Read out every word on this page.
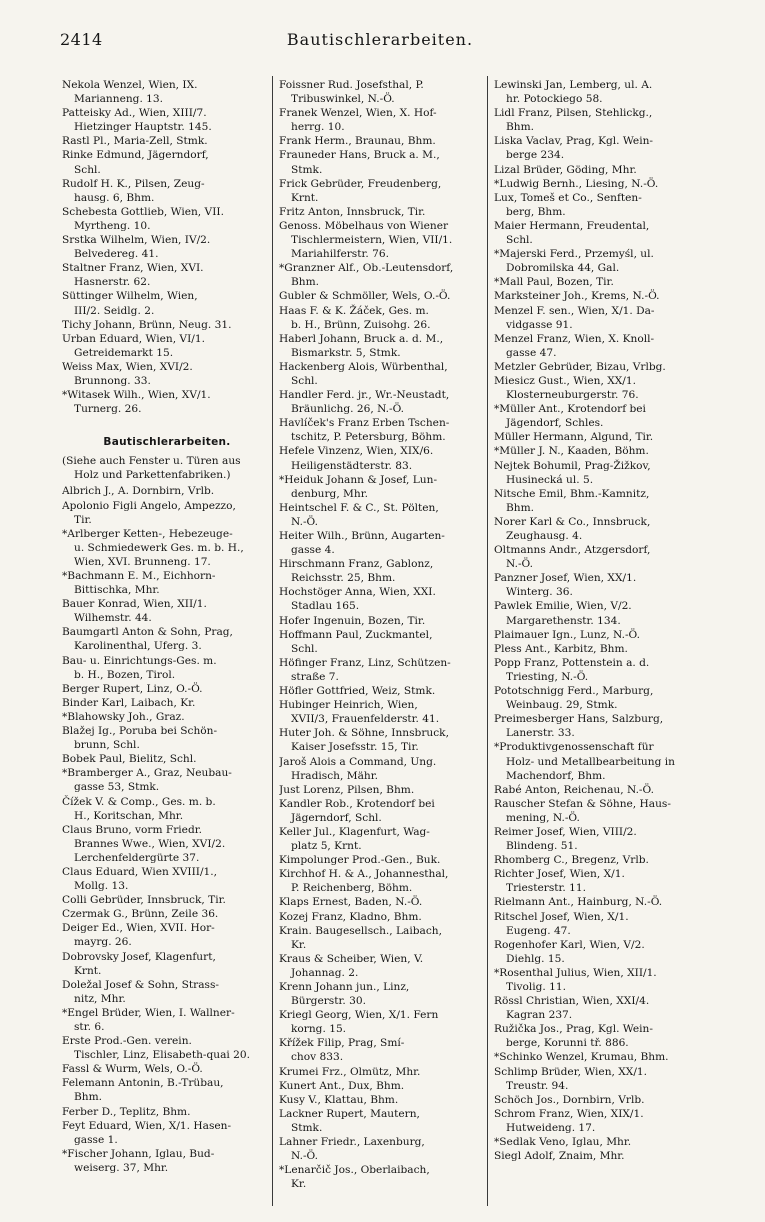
2414	Bautischlerarbeiten.

Nekola Wenzel, Wien, IX.
Marianneng. 13.

Patteisky Ad., Wien, XIII/7.
Hietzinger Hauptstr. 145.

Rastl Pl., Maria-Zell, Stmk.

Rinke Edmund, Jägerndorf,
Schl.

Rudolf H. K., Pilsen, Zeug-
hausg. 6, Bhm.

Schebesta Gottlieb, Wien, VII.
Myrtheng. 10.

Srstka Wilhelm, Wien, IV/2.
Belvedereg. 41.

Staltner Franz, Wien, XVI.
Hasnerstr. 62.

Süttinger Wilhelm, Wien,
III/2. Seidlg. 2.

Tichy Johann, Brünn, Neug. 31.

Urban Eduard, Wien, VI/1.
Getreidemarkt 15.

Weiss Max, Wien, XVI/2.
Brunnong. 33.

*Witasek Wilh., Wien, XV/1.
Turnerg. 26.

Bautischlerarbeiten.
(Siehe auch Fenster u. Türen aus
Holz und Parkettenfabriken.)

Albrich J., A. Dornbirn, Vrlb.

Apolonio Figli Angelo, Ampezzo,
Tir.

*Arlberger Ketten-, Hebezeuge-
u. Schmiedewerk Ges. m. b. H., Wien, XVI. Brunneng. 17.

*Bachmann E. M., Eichhorn-
Bittischka, Mhr.

Bauer Konrad, Wien, XII/1.
Wilhemstr. 44.

Baumgartl Anton & Sohn, Prag,
Karolinenthal, Uferg. 3.

Bau- u. Einrichtungs-Ges. m.
b. H., Bozen, Tirol.

Berger Rupert, Linz, O.-Ö.

Binder Karl, Laibach, Kr.

*Blahowsky Joh., Graz.

Blažej Ig., Poruba bei Schön-
brunn, Schl.

Bobek Paul, Bielitz, Schl.

*Bramberger A., Graz, Neubau-
gasse 53, Stmk.

Čížek V. & Comp., Ges. m. b.
H., Koritschan, Mhr.

Claus Bruno, vorm Friedr.
Brannes Wwe., Wien, XVI/2. Lerchenfeldergürte 37.

Claus Eduard, Wien XVIII/1.,
Mollg. 13.

Colli Gebrüder, Innsbruck, Tir.

Czermak G., Brünn, Zeile 36.

Deiger Ed., Wien, XVII. Hor-
mayrg. 26.

Dobrovsky Josef, Klagenfurt,
Krnt.

Doležal Josef & Sohn, Strass-
nitz, Mhr.

*Engel Brüder, Wien, I. Wallner-
str. 6.

Erste Prod.-Gen. verein.
Tischler, Linz, Elisabeth-quai 20.

Fassl & Wurm, Wels, O.-Ö.

Felemann Antonin, B.-Trübau,
Bhm.

Ferber D., Teplitz, Bhm.

Feyt Eduard, Wien, X/1. Hasen-
gasse 1.

*Fischer Johann, Iglau, Bud-
weiserg. 37, Mhr.

Foissner Rud. Josefsthal, P.
Tribuswinkel, N.-Ö.

Franek Wenzel, Wien, X. Hof-
herrg. 10.

Frank Herm., Braunau, Bhm.

Frauneder Hans, Bruck a. M.,
Stmk.

Frick Gebrüder, Freudenberg,
Krnt.

Fritz Anton, Innsbruck, Tir.

Genoss. Möbelhaus von Wiener
Tischlermeistern, Wien, VII/1. Mariahilferstr. 76.

*Granzner Alf., Ob.-Leutensdorf,
Bhm.

Gubler & Schmöller, Wels, O.-Ö.

Haas F. & K. Žáček, Ges. m.
b. H., Brünn, Zuisohg. 26.

Haberl Johann, Bruck a. d. M.,
Bismarkstr. 5, Stmk.

Hackenberg Alois, Würbenthal,
Schl.

Handler Ferd. jr., Wr.-Neustadt,
Bräunlichg. 26, N.-Ö.

Havlíček's Franz Erben Tschen-
tschitz, P. Petersburg, Böhm.

Hefele Vinzenz, Wien, XIX/6.
Heiligenstädterstr. 83.

*Heiduk Johann & Josef, Lun-
denburg, Mhr.

Heintschel F. & C., St. Pölten,
N.-Ö.

Heiter Wilh., Brünn, Augarten-
gasse 4.

Hirschmann Franz, Gablonz,
Reichsstr. 25, Bhm.

Hochstöger Anna, Wien, XXI.
Stadlau 165.

Hofer Ingenuin, Bozen, Tir.

Hoffmann Paul, Zuckmantel,
Schl.

Höfinger Franz, Linz, Schützen-
straße 7.

Höfler Gottfried, Weiz, Stmk.

Hubinger Heinrich, Wien,
XVII/3, Frauenfelderstr. 41.

Huter Joh. & Söhne, Innsbruck,
Kaiser Josefsstr. 15, Tir.

Jaroš Alois a Command, Ung.
Hradisch, Mähr.

Just Lorenz, Pilsen, Bhm.

Kandler Rob., Krotendorf bei
Jägerndorf, Schl.

Keller Jul., Klagenfurt, Wag-
platz 5, Krnt.

Kimpolunger Prod.-Gen., Buk.

Kirchhof H. & A., Johannesthal,
P. Reichenberg, Böhm.

Klaps Ernest, Baden, N.-Ö.

Kozej Franz, Kladno, Bhm.

Krain. Baugesellsch., Laibach,
Kr.

Kraus & Scheiber, Wien, V.
Johannag. 2.

Krenn Johann jun., Linz,
Bürgerstr. 30.

Kriegl Georg, Wien, X/1. Fern
korng. 15.

Křížek Filip, Prag, Smí-
chov 833.

Krumei Frz., Olmütz, Mhr.

Kunert Ant., Dux, Bhm.

Kusy V., Klattau, Bhm.

Lackner Rupert, Mautern,
Stmk.

Lahner Friedr., Laxenburg,
N.-Ö.

*Lenarčič Jos., Oberlaibach,
Kr.

Lewinski Jan, Lemberg, ul. A.
hr. Potockiego 58.

Lidl Franz, Pilsen, Stehlickg.,
Bhm.

Liska Vaclav, Prag, Kgl. Wein-
berge 234.

Lizal Brüder, Göding, Mhr.

*Ludwig Bernh., Liesing, N.-Ö.

Lux, Tomeš et Co., Senften-
berg, Bhm.

Maier Hermann, Freudental,
Schl.

*Majerski Ferd., Przemyśl, ul.
Dobromilska 44, Gal.

*Mall Paul, Bozen, Tir.

Marksteiner Joh., Krems, N.-Ö.

Menzel F. sen., Wien, X/1. Da-
vidgasse 91.

Menzel Franz, Wien, X. Knoll-
gasse 47.

Metzler Gebrüder, Bizau, Vrlbg.

Miesicz Gust., Wien, XX/1.
Klosterneuburgerstr. 76.

*Müller Ant., Krotendorf bei
Jägendorf, Schles.

Müller Hermann, Algund, Tir.

*Müller J. N., Kaaden, Böhm.

Nejtek Bohumil, Prag-Žižkov,
Husinecká ul. 5.

Nitsche Emil, Bhm.-Kamnitz,
Bhm.

Norer Karl & Co., Innsbruck,
Zeughausg. 4.

Oltmanns Andr., Atzgersdorf,
N.-Ö.

Panzner Josef, Wien, XX/1.
Winterg. 36.

Pawlek Emilie, Wien, V/2.
Margarethenstr. 134.

Plaimauer Ign., Lunz, N.-Ö.

Pless Ant., Karbitz, Bhm.

Popp Franz, Pottenstein a. d.
Triesting, N.-Ö.

Pototschnigg Ferd., Marburg,
Weinbaug. 29, Stmk.

Preimesberger Hans, Salzburg,
Lanerstr. 33.

*Produktivgenossenschaft für
Holz- und Metallbearbeitung in Machendorf, Bhm.

Rabé Anton, Reichenau, N.-Ö.

Rauscher Stefan & Söhne, Haus-
mening, N.-Ö.

Reimer Josef, Wien, VIII/2.
Blindeng. 51.

Rhomberg C., Bregenz, Vrlb.

Richter Josef, Wien, X/1.
Triesterstr. 11.

Rielmann Ant., Hainburg, N.-Ö.

Ritschel Josef, Wien, X/1.
Eugeng. 47.

Rogenhofer Karl, Wien, V/2.
Diehlg. 15.

*Rosenthal Julius, Wien, XII/1.
Tivolig. 11.

Rössl Christian, Wien, XXI/4.
Kagran 237.

Ružička Jos., Prag, Kgl. Wein-
berge, Korunni tř. 886.

*Schinko Wenzel, Krumau, Bhm.

Schlimp Brüder, Wien, XX/1.
Treustr. 94.

Schöch Jos., Dornbirn, Vrlb.

Schrom Franz, Wien, XIX/1.
Hutweideng. 17.

*Sedlak Veno, Iglau, Mhr.

Siegl Adolf, Znaim, Mhr.
